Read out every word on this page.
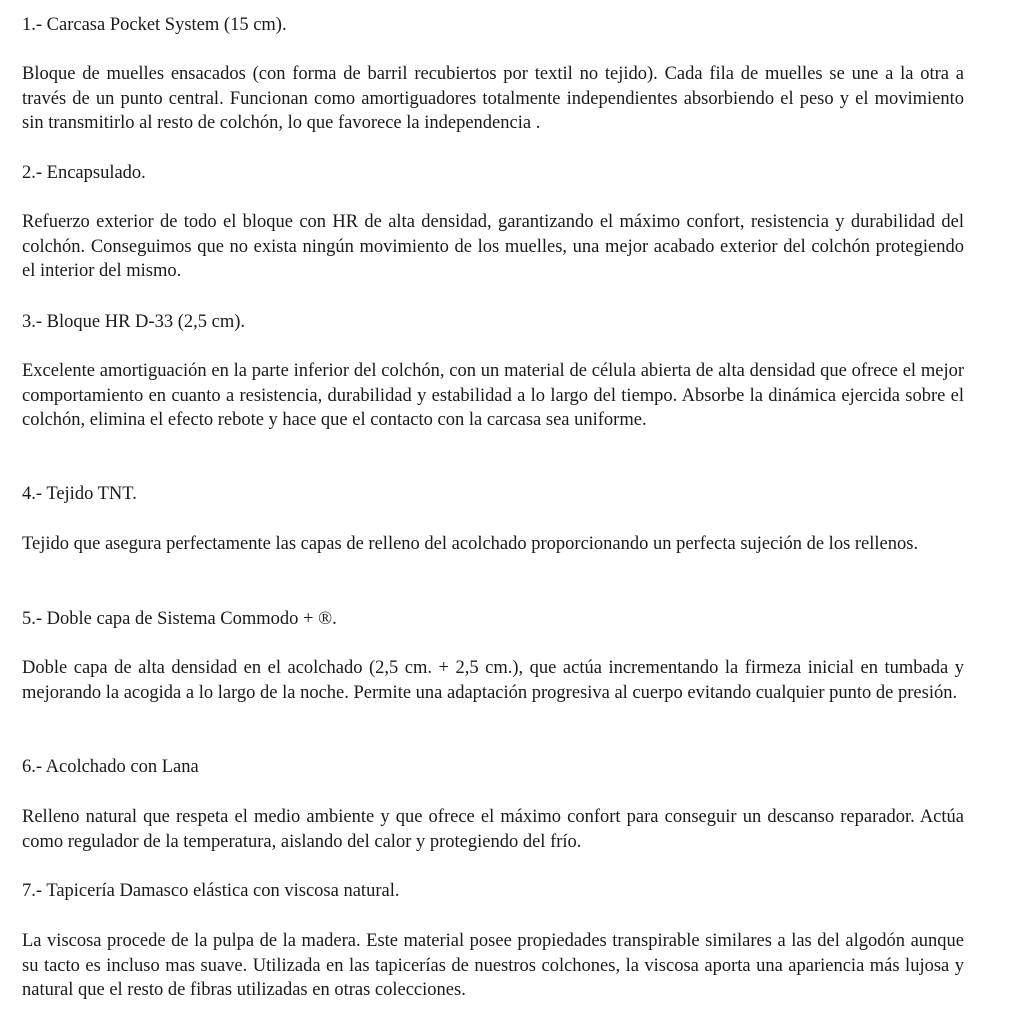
1.- Carcasa Pocket System (15 cm).

Bloque de muelles ensacados (con forma de barril recubiertos por textil no tejido). Cada fila de muelles se une a la otra a través de un punto central. Funcionan como amortiguadores totalmente independientes absorbiendo el peso y el movimiento sin transmitirlo al resto de colchón, lo que favorece la independencia .

2.- Encapsulado.

Refuerzo exterior de todo el bloque con HR de alta densidad, garantizando el máximo confort, resistencia y durabilidad del colchón. Conseguimos que no exista ningún movimiento de los muelles, una mejor acabado exterior del colchón protegiendo el interior del mismo.

3.- Bloque HR D-33 (2,5 cm).

Excelente amortiguación en la parte inferior del colchón, con un material de célula abierta de alta densidad que ofrece el mejor comportamiento en cuanto a resistencia, durabilidad y estabilidad a lo largo del tiempo. Absorbe la dinámica ejercida sobre el colchón, elimina el efecto rebote y hace que el contacto con la carcasa sea uniforme.

4.- Tejido TNT.

Tejido que asegura perfectamente las capas de relleno del acolchado proporcionando un perfecta sujeción de los rellenos.

5.- Doble capa de Sistema Commodo + ®.

Doble capa de alta densidad en el acolchado (2,5 cm. + 2,5 cm.), que actúa incrementando la firmeza inicial en tumbada y mejorando la acogida a lo largo de la noche. Permite una adaptación progresiva al cuerpo evitando cualquier punto de presión.

6.- Acolchado con Lana

Relleno natural que respeta el medio ambiente y que ofrece el máximo confort para conseguir un descanso reparador. Actúa como regulador de la temperatura, aislando del calor y protegiendo del frío.

7.- Tapicería Damasco elástica con viscosa natural.

La viscosa procede de la pulpa de la madera. Este material posee propiedades transpirable similares a las del algodón aunque su tacto es incluso mas suave. Utilizada en las tapicerías de nuestros colchones, la viscosa aporta una apariencia más lujosa y natural que el resto de fibras utilizadas en otras colecciones.
